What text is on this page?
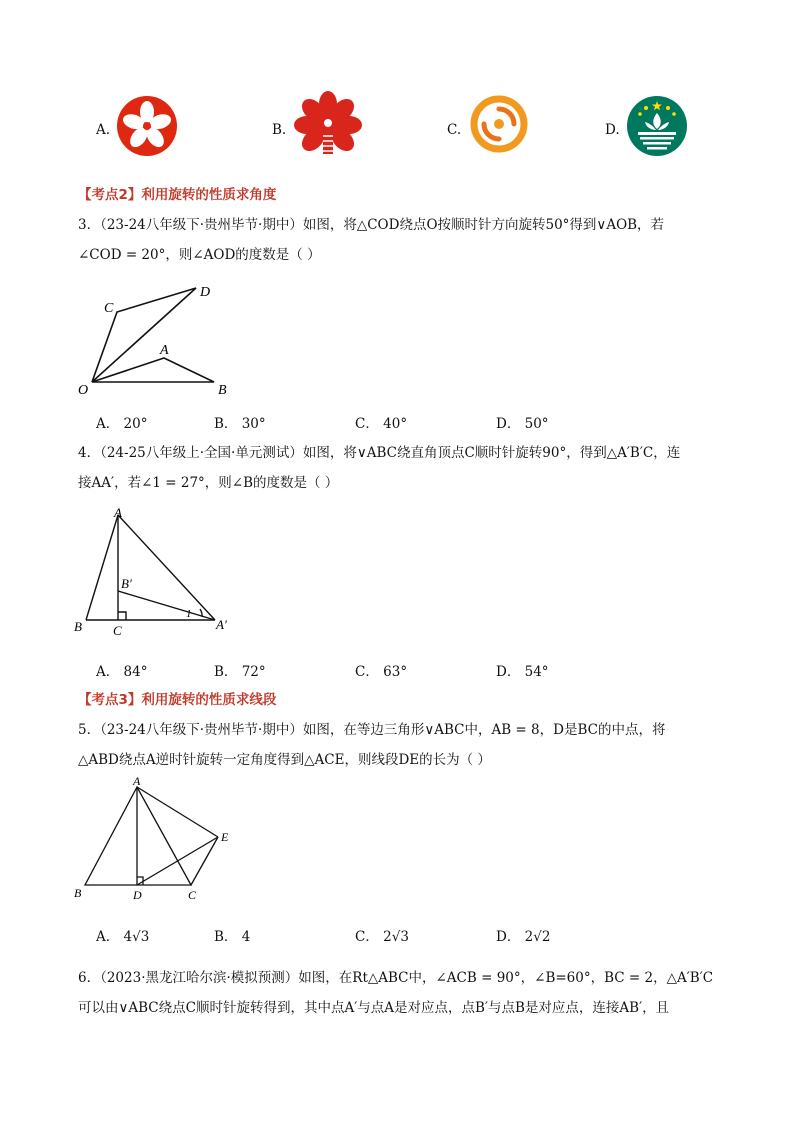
A.	B.	C.	D.
【考点2】利用旋转的性质求角度
3．（23-24八年级下·贵州毕节·期中）如图，将△COD绕点O按顺时针方向旋转50°得到∨AOB，若
∠COD = 20°，则∠AOD的度数是（ ）
C
D
A
O	B
A． 20°	B． 30°	C． 40°	D． 50°
4．（24-25八年级上·全国·单元测试）如图，将∨ABC绕直角顶点C顺时针旋转90°，得到△A′B′C，连
接AA′，若∠1 = 27°，则∠B的度数是（ ）
A
B′
1
B C	A′
A． 84°	B． 72°	C． 63°	D． 54°
【考点3】利用旋转的性质求线段
5．（23-24八年级下·贵州毕节·期中）如图，在等边三角形∨ABC中，AB = 8，D是BC的中点，将
△ABD绕点A逆时针旋转一定角度得到△ACE，则线段DE的长为（ ）
A
E
B	D	C
A． 4√3	B． 4	C． 2√3	D． 2√2
6．（2023·黑龙江哈尔滨·模拟预测）如图，在Rt△ABC中，∠ACB = 90°，∠B=60°，BC = 2，△A′B′C
可以由∨ABC绕点C顺时针旋转得到，其中点A′与点A是对应点，点B′与点B是对应点，连接AB′，且
